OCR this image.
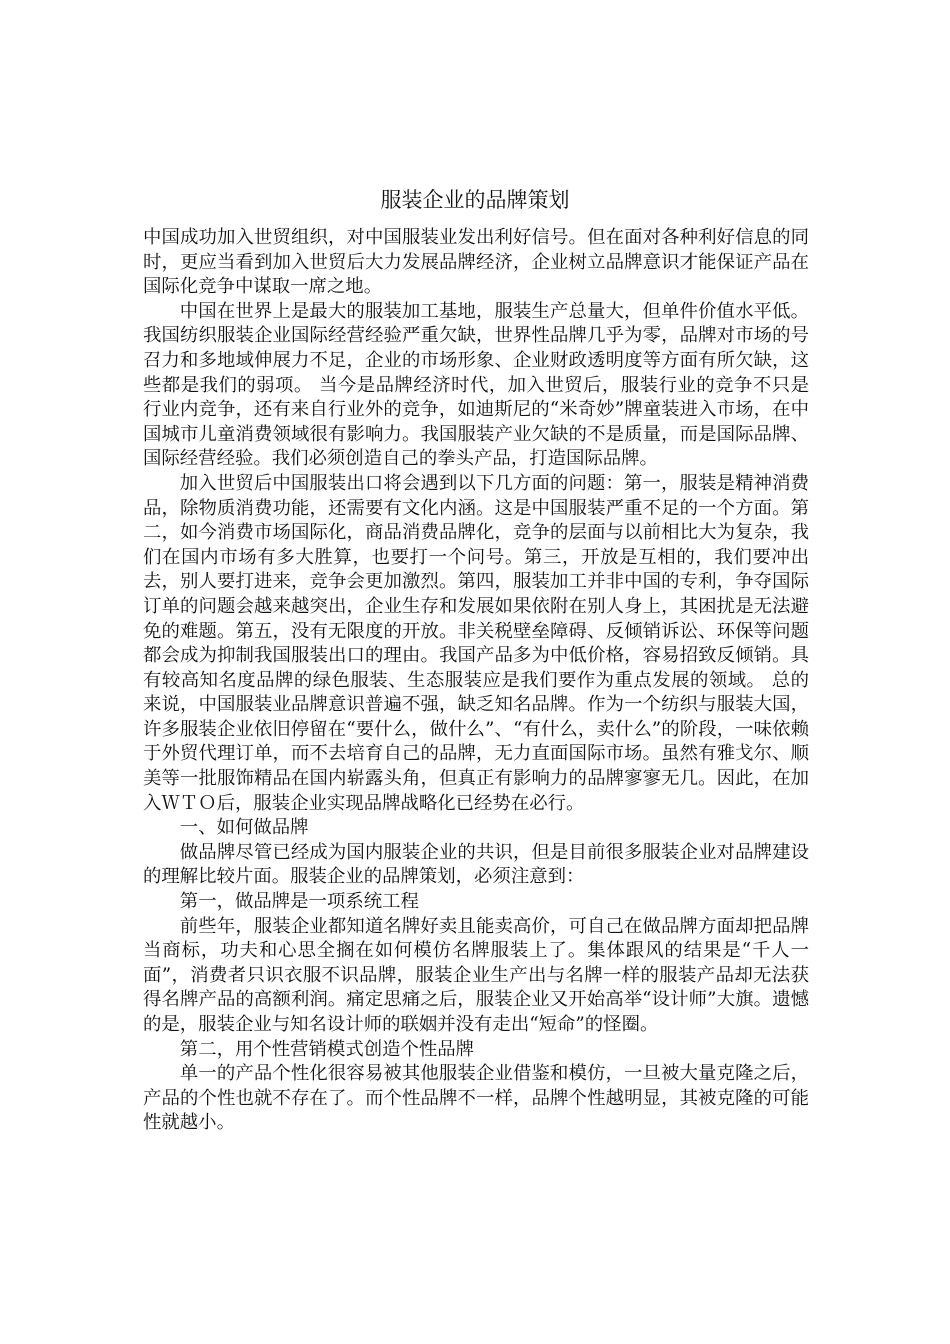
服装企业的品牌策划

中国成功加入世贸组织，对中国服装业发出利好信号。但在面对各种利好信息的同时，更应当看到加入世贸后大力发展品牌经济，企业树立品牌意识才能保证产品在国际化竞争中谋取一席之地。

中国在世界上是最大的服装加工基地，服装生产总量大，但单件价值水平低。我国纺织服装企业国际经营经验严重欠缺，世界性品牌几乎为零，品牌对市场的号召力和多地域伸展力不足，企业的市场形象、企业财政透明度等方面有所欠缺，这些都是我们的弱项。 当今是品牌经济时代，加入世贸后，服装行业的竞争不只是行业内竞争，还有来自行业外的竞争，如迪斯尼的“米奇妙”牌童装进入市场，在中国城市儿童消费领域很有影响力。我国服装产业欠缺的不是质量，而是国际品牌、国际经营经验。我们必须创造自己的拳头产品，打造国际品牌。

加入世贸后中国服装出口将会遇到以下几方面的问题：第一，服装是精神消费品，除物质消费功能，还需要有文化内涵。这是中国服装严重不足的一个方面。第二，如今消费市场国际化，商品消费品牌化，竞争的层面与以前相比大为复杂，我们在国内市场有多大胜算，也要打一个问号。第三，开放是互相的，我们要冲出去，别人要打进来，竞争会更加激烈。第四，服装加工并非中国的专利，争夺国际订单的问题会越来越突出，企业生存和发展如果依附在别人身上，其困扰是无法避免的难题。第五，没有无限度的开放。非关税壁垒障碍、反倾销诉讼、环保等问题都会成为抑制我国服装出口的理由。我国产品多为中低价格，容易招致反倾销。具有较高知名度品牌的绿色服装、生态服装应是我们要作为重点发展的领域。 总的来说，中国服装业品牌意识普遍不强，缺乏知名品牌。作为一个纺织与服装大国，许多服装企业依旧停留在“要什么，做什么”、“有什么，卖什么”的阶段，一味依赖于外贸代理订单，而不去培育自己的品牌，无力直面国际市场。虽然有雅戈尔、顺美等一批服饰精品在国内崭露头角，但真正有影响力的品牌寥寥无几。因此，在加入ＷＴＯ后，服装企业实现品牌战略化已经势在必行。

一、如何做品牌

做品牌尽管已经成为国内服装企业的共识，但是目前很多服装企业对品牌建设的理解比较片面。服装企业的品牌策划，必须注意到：

第一，做品牌是一项系统工程

前些年，服装企业都知道名牌好卖且能卖高价，可自己在做品牌方面却把品牌当商标，功夫和心思全搁在如何模仿名牌服装上了。集体跟风的结果是“千人一面”，消费者只识衣服不识品牌，服装企业生产出与名牌一样的服装产品却无法获得名牌产品的高额利润。痛定思痛之后，服装企业又开始高举“设计师”大旗。遗憾的是，服装企业与知名设计师的联姻并没有走出“短命”的怪圈。

第二，用个性营销模式创造个性品牌

单一的产品个性化很容易被其他服装企业借鉴和模仿，一旦被大量克隆之后，产品的个性也就不存在了。而个性品牌不一样，品牌个性越明显，其被克隆的可能性就越小。
